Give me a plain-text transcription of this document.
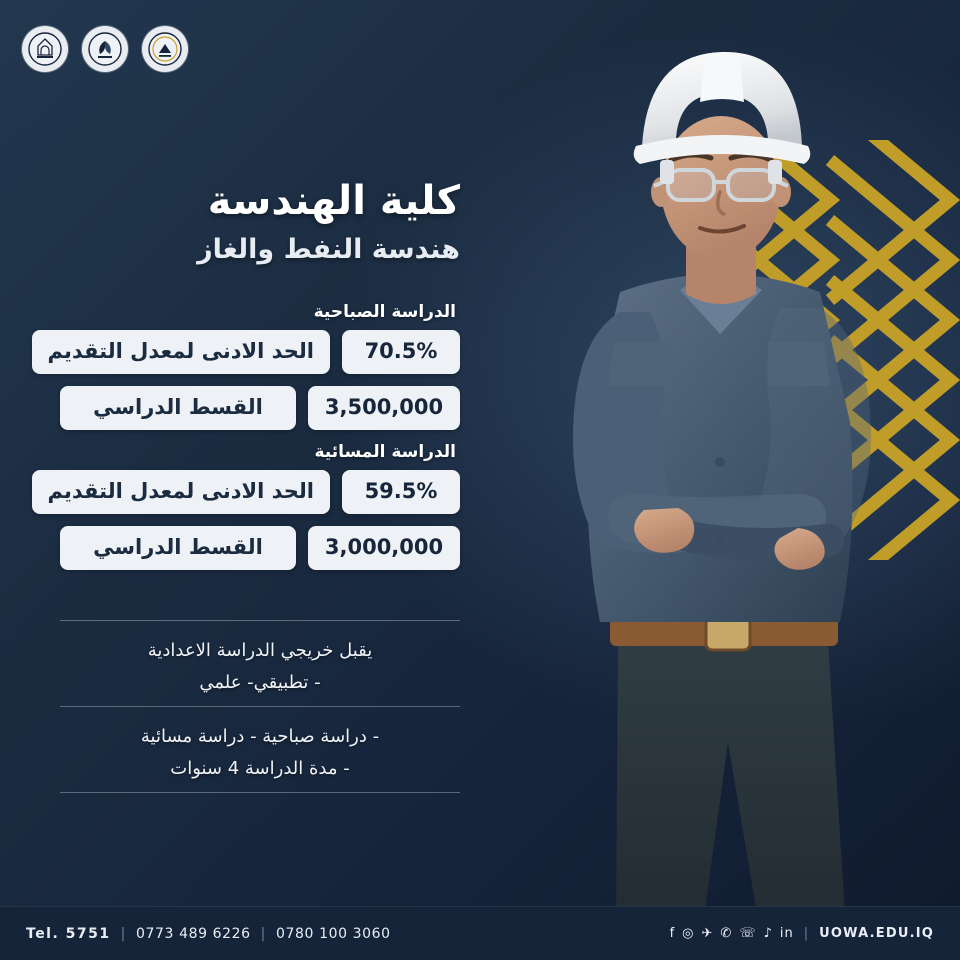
كلية الهندسة
هندسة النفط والغاز
الدراسة الصباحية
70.5%
الحد الادنى لمعدل التقديم
3,500,000
القسط الدراسي
الدراسة المسائية
59.5%
الحد الادنى لمعدل التقديم
3,000,000
القسط الدراسي
يقبل خريجي الدراسة الاعدادية
- تطبيقي- علمي
- دراسة صباحية - دراسة مسائية
- مدة الدراسة 4 سنوات
Tel. 5751 | 0773 489 6226 | 0780 100 3060	f ◎ ✈ ✆ ☏ ♪ in | UOWA.EDU.IQ
